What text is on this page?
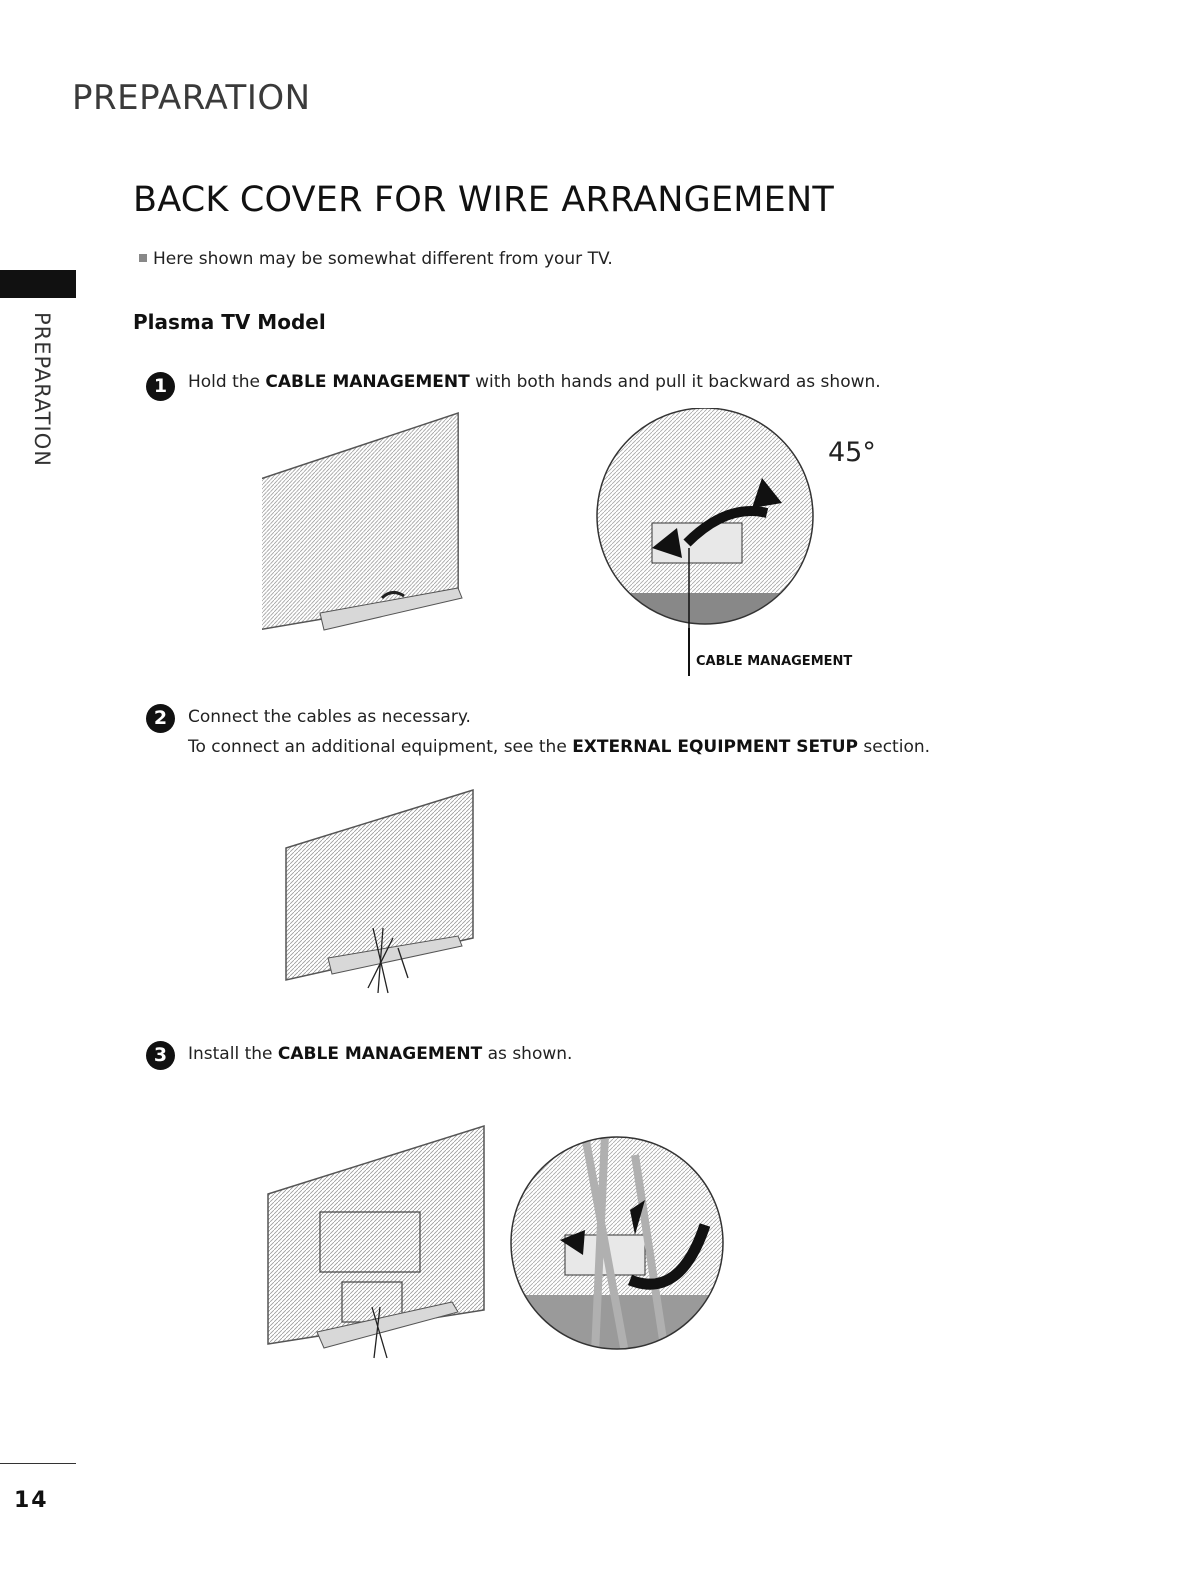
PREPARATION
BACK COVER FOR WIRE ARRANGEMENT
Here shown may be somewhat different from your TV.
Plasma TV Model
PREPARATION	1	Hold the CABLE MANAGEMENT with both hands and pull it backward as shown.
45°
CABLE MANAGEMENT
2	Connect the cables as necessary.
To connect an additional equipment, see the EXTERNAL EQUIPMENT SETUP section.
3	Install the CABLE MANAGEMENT as shown.
14
